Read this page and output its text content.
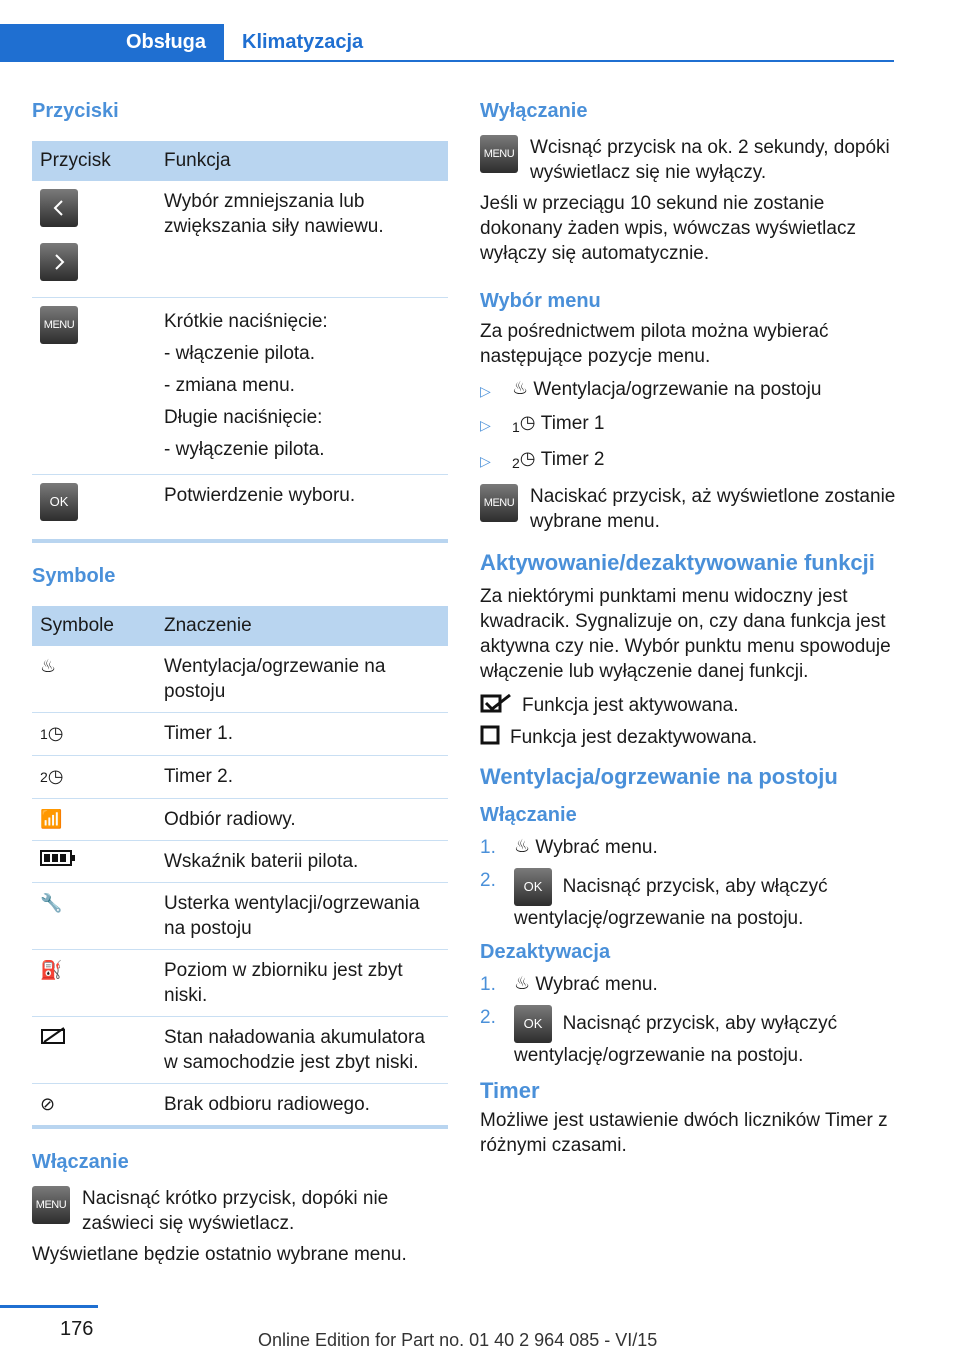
Obsługa Klimatyzacja
Przyciski
Przycisk	Funkcja

	Wybór zmniejszania lub zwiększania siły nawiewu.
MENU	Krótkie naciśnięcie:
- włączenie pilota.
- zmiana menu.
Długie naciśnięcie:
- wyłączenie pilota.

OK	Potwierdzenie wyboru.
Symbole
Symbole	Znaczenie
♨	Wentylacja/ogrzewanie na postoju
1◷	Timer 1.
2◷	Timer 2.
📶	Odbiór radiowy.
	Wskaźnik baterii pilota.
🔧	Usterka wentylacji/ogrzewania na postoju
⛽	Poziom w zbiorniku jest zbyt niski.
	Stan naładowania akumulatora w samochodzie jest zbyt niski.
⊘	Brak odbioru radiowego.
Włączanie
MENU Nacisnąć krótko przycisk, dopóki nie zaświeci się wyświetlacz.

Wyświetlane będzie ostatnio wybrane menu.

Wyłączanie
MENU Wcisnąć przycisk na ok. 2 sekundy, dopóki wyświetlacz się nie wyłączy.

Jeśli w przeciągu 10 sekund nie zostanie dokonany żaden wpis, wówczas wyświetlacz wyłączy się automatycznie.

Wybór menu

Za pośrednictwem pilota można wybierać następujące pozycje menu.

▷	♨
Wentylacja/ogrzewanie na postoju
▷	1 ◷
Timer 1
▷	2 ◷
Timer 2
MENU Naciskać przycisk, aż wyświetlone zostanie wybrane menu.

Aktywowanie/dezaktywowanie funkcji

Za niektórymi punktami menu widoczny jest kwadracik. Sygnalizuje on, czy dana funkcja jest aktywna czy nie. Wybór punktu menu spowoduje włączenie lub wyłączenie danej funkcji.

Funkcja jest aktywowana.

Funkcja jest dezaktywowana.

Wentylacja/ogrzewanie na postoju
Włączanie
1.	♨
Wybrać menu.
2.	OK Nacisnąć przycisk, aby włączyć wentylację/ogrzewanie na postoju.
Dezaktywacja
1.	♨
Wybrać menu.
2.	OK Nacisnąć przycisk, aby wyłączyć wentylację/ogrzewanie na postoju.
Timer

Możliwe jest ustawienie dwóch liczników Timer z różnymi czasami.

176	Online Edition for Part no. 01 40 2 964 085 - VI/15
